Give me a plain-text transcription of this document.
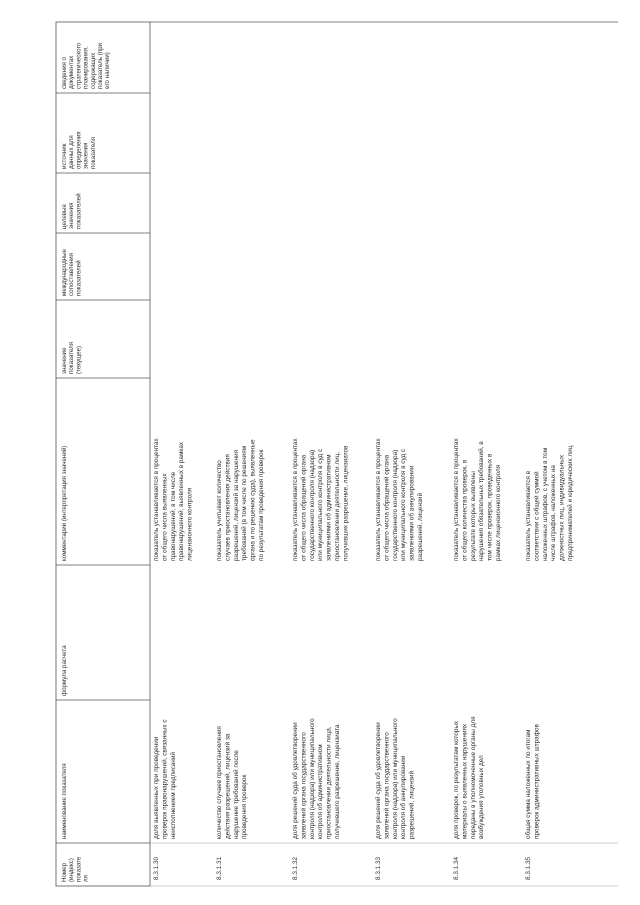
Номер (индекс) показате ля
наименование показателя
формула расчета
комментарии (интерпретация значений)
значение показателя (текущее)
международные сопоставления показателей
целевые значения показателей
источник данных для определения значения показателя
сведения о документах стратегического планирования, содержащих показатель (при его наличии)
8.3.1.30
доля выявленных при проведении проверок правонарушений, связанных с неисполнением предписаний
показатель устанавливается в процентах от общего числа выявленных правонарушений, в том числе правонарушений, выявленных в рамках лицензионного контроля
8.3.1.31
количество случаев приостановления действия разрешений, лицензий за нарушение требований после проведения проверок
показатель учитывает количество случаев приостановления действия разрешений, лицензий за нарушения требований (в том числе по решениям органа и по решению суда), выявленные по результатам проведения проверок
8.3.1.32
доля решений суда об удовлетворении заявлений органа государственного контроля (надзора) или муниципального контроля об административном приостановлении деятельности лица, получившего разрешение, лицензиата
показатель устанавливается в процентах от общего числа обращений органа государственного контроля (надзора) или муниципального контроля в суд с заявлениями об административном приостановлении деятельности лиц, получивших разрешение, лицензиатов
8.3.1.33
доля решений суда об удовлетворении заявлений органа государственного контроля (надзора) или муниципального контроля об аннулировании разрешений, лицензий
показатель устанавливается в процентах от общего числа обращений органа государственного контроля (надзора) или муниципального контроля в суд с заявлениями об аннулировании разрешений, лицензий
8.3.1.34
доля проверок, по результатам которых материалы о выявленных нарушениях переданы в уполномоченные органы для возбуждения уголовных дел
показатель устанавливается в процентах от общего количества проверок, в результате которых выявлены нарушения обязательных требований, в том числе проверок, проведенных в рамках лицензионного контроля
8.3.1.35
общая сумма наложенных по итогам проверок административных штрафов
показатель устанавливается в соответствии с общей суммой наложенных штрафов, с учетом в том числе штрафов, наложенных на должностных лиц, индивидуальных предпринимателей и юридических лиц
